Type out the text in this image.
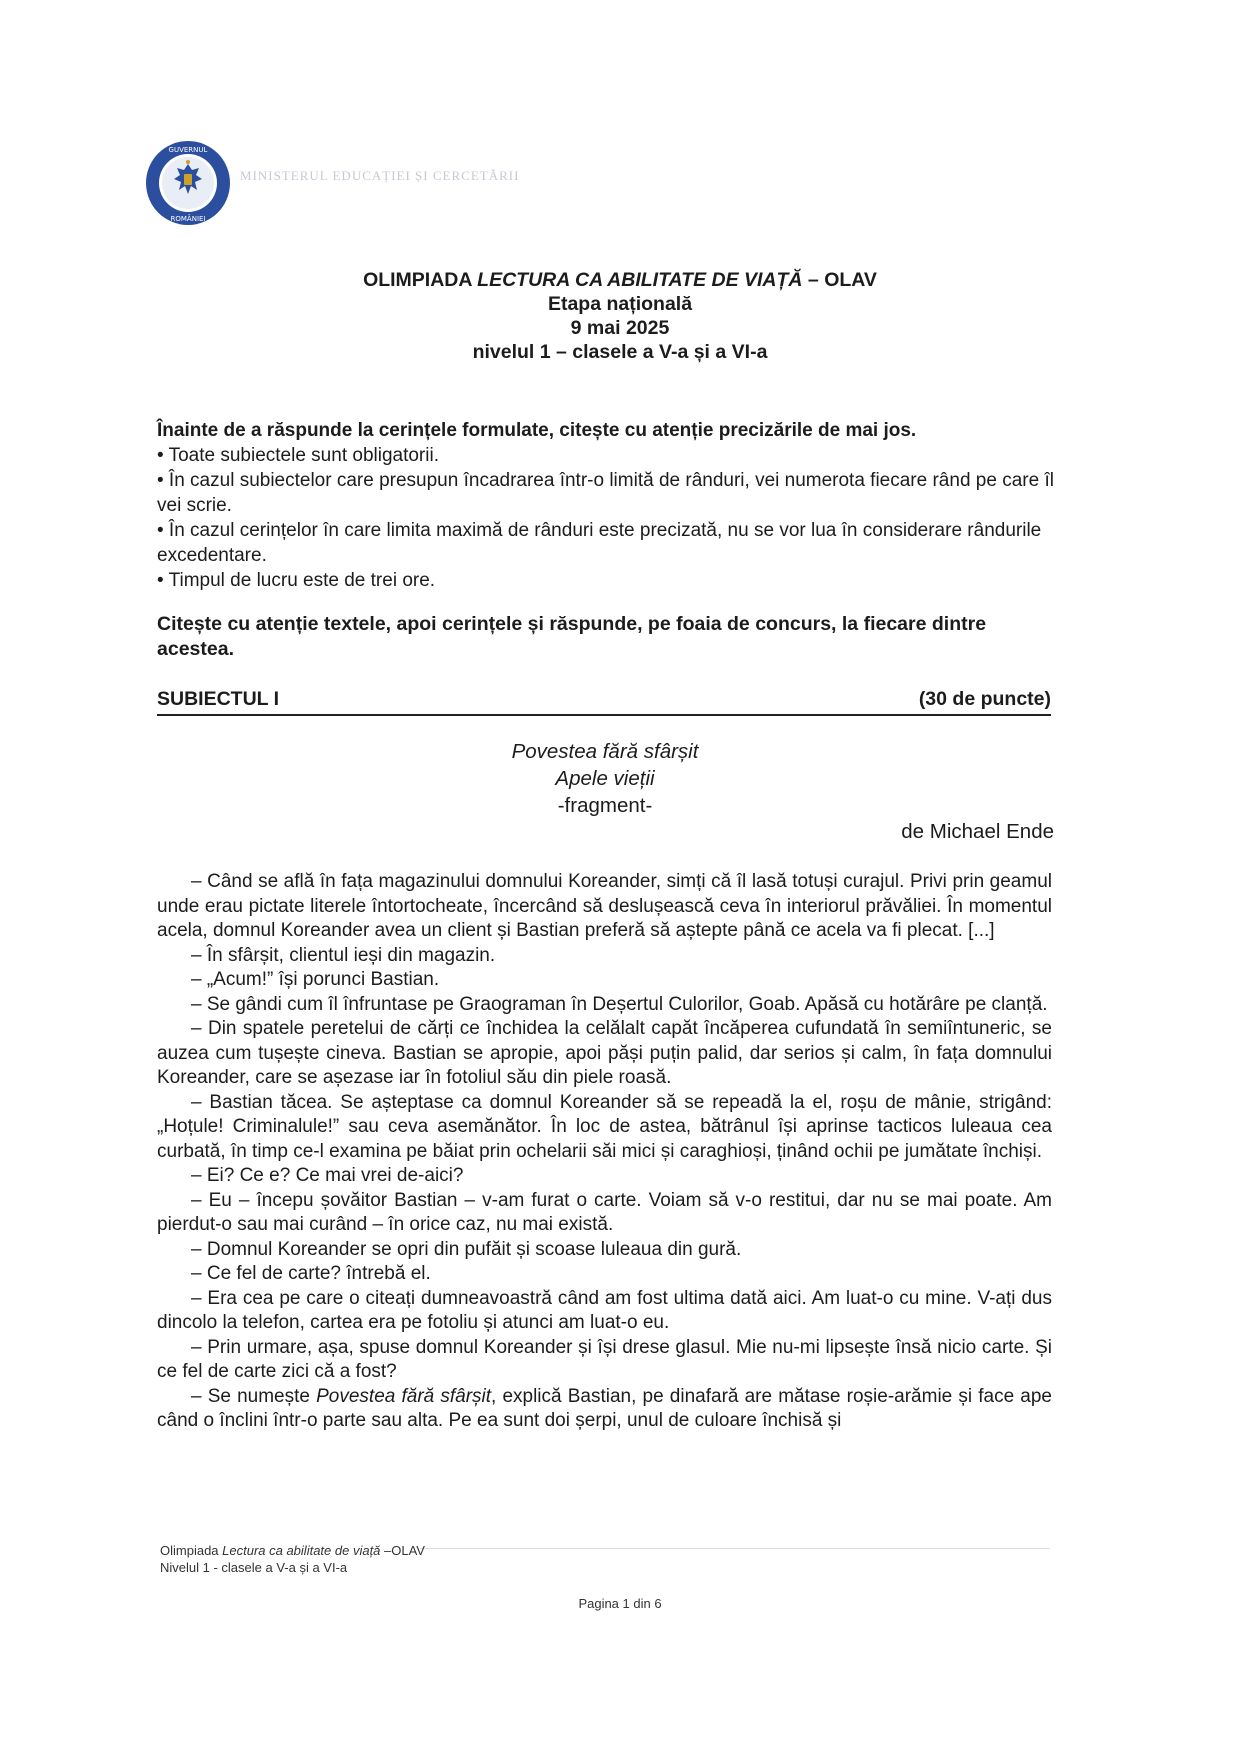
GUVERNUL
ROMÂNIEI
MINISTERUL EDUCAȚIEI ȘI CERCETĂRII
OLIMPIADA LECTURA CA ABILITATE DE VIAȚĂ – OLAV
Etapa națională
9 mai 2025
nivelul 1 – clasele a V-a și a VI-a

Înainte de a răspunde la cerințele formulate, citește cu atenție precizările de mai jos.

• Toate subiectele sunt obligatorii.

• În cazul subiectelor care presupun încadrarea într-o limită de rânduri, vei numerota fiecare rând pe care îl vei scrie.

• În cazul cerințelor în care limita maximă de rânduri este precizată, nu se vor lua în considerare rândurile excedentare.

• Timpul de lucru este de trei ore.

Citește cu atenție textele, apoi cerințele și răspunde, pe foaia de concurs, la fiecare dintre acestea.

SUBIECTUL I	(30 de puncte)
Povestea fără sfârșit
Apele vieții
-fragment-
de Michael Ende

– Când se află în fața magazinului domnului Koreander, simți că îl lasă totuși curajul. Privi prin geamul unde erau pictate literele întortocheate, încercând să deslușească ceva în interiorul prăvăliei. În momentul acela, domnul Koreander avea un client și Bastian preferă să aștepte până ce acela va fi plecat. [...]

– În sfârșit, clientul ieși din magazin.

– „Acum!” își porunci Bastian.

– Se gândi cum îl înfruntase pe Graograman în Deșertul Culorilor, Goab. Apăsă cu hotărâre pe clanță.

– Din spatele peretelui de cărți ce închidea la celălalt capăt încăperea cufundată în semiîntuneric, se auzea cum tușește cineva. Bastian se apropie, apoi păși puțin palid, dar serios și calm, în fața domnului Koreander, care se așezase iar în fotoliul său din piele roasă.

– Bastian tăcea. Se așteptase ca domnul Koreander să se repeadă la el, roșu de mânie, strigând: „Hoțule! Criminalule!” sau ceva asemănător. În loc de astea, bătrânul își aprinse tacticos luleaua cea curbată, în timp ce-l examina pe băiat prin ochelarii săi mici și caraghioși, ținând ochii pe jumătate închiși.

– Ei? Ce e? Ce mai vrei de-aici?

– Eu – începu șovăitor Bastian – v-am furat o carte. Voiam să v-o restitui, dar nu se mai poate. Am pierdut-o sau mai curând – în orice caz, nu mai există.

– Domnul Koreander se opri din pufăit și scoase luleaua din gură.

– Ce fel de carte? întrebă el.

– Era cea pe care o citeați dumneavoastră când am fost ultima dată aici. Am luat-o cu mine. V-ați dus dincolo la telefon, cartea era pe fotoliu și atunci am luat-o eu.

– Prin urmare, așa, spuse domnul Koreander și își drese glasul. Mie nu-mi lipsește însă nicio carte. Și ce fel de carte zici că a fost?

– Se numește Povestea fără sfârșit, explică Bastian, pe dinafară are mătase roșie-arămie și face ape când o înclini într-o parte sau alta. Pe ea sunt doi șerpi, unul de culoare închisă și

Olimpiada Lectura ca abilitate de viață –OLAV
Nivelul 1 - clasele a V-a și a VI-a
Pagina 1 din 6
